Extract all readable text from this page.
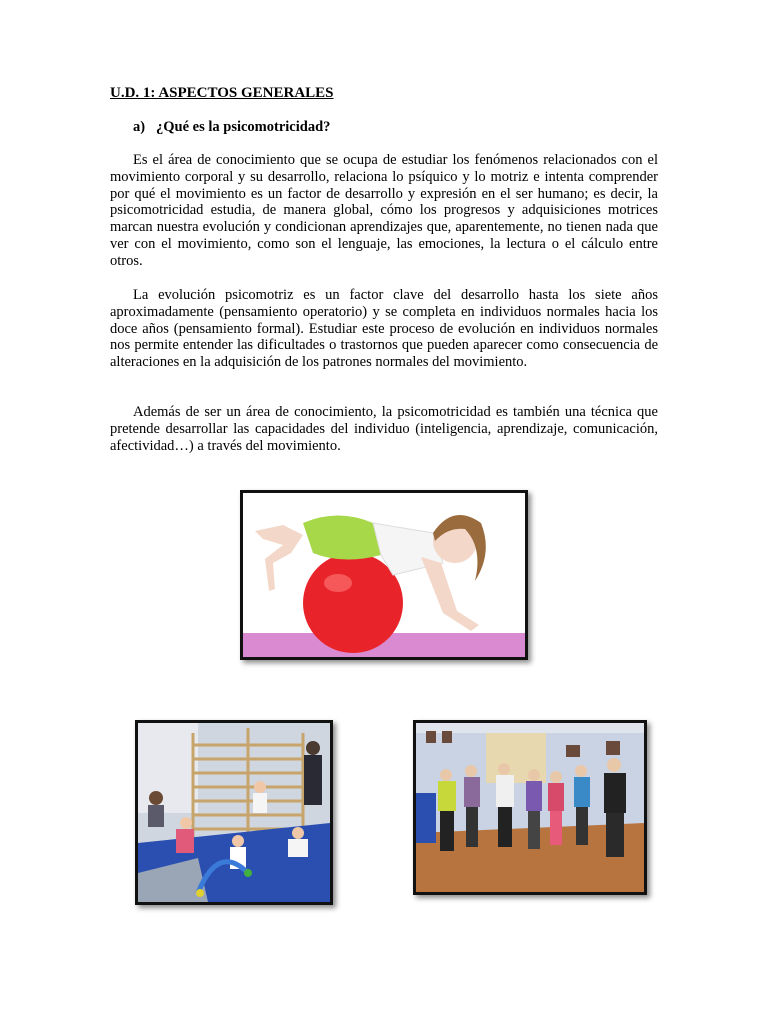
U.D. 1: ASPECTOS GENERALES
a) ¿Qué es la psicomotricidad?

Es el área de conocimiento que se ocupa de estudiar los fenómenos relacionados con el movimiento corporal y su desarrollo, relaciona lo psíquico y lo motriz e intenta comprender por qué el movimiento es un factor de desarrollo y expresión en el ser humano; es decir, la psicomotricidad estudia, de manera global, cómo los progresos y adquisiciones motrices marcan nuestra evolución y condicionan aprendizajes que, aparentemente, no tienen nada que ver con el movimiento, como son el lenguaje, las emociones, la lectura o el cálculo entre otros.

La evolución psicomotriz es un factor clave del desarrollo hasta los siete años aproximadamente (pensamiento operatorio) y se completa en individuos normales hacia los doce años (pensamiento formal). Estudiar este proceso de evolución en individuos normales nos permite entender las dificultades o trastornos que pueden aparecer como consecuencia de alteraciones en la adquisición de los patrones normales del movimiento.

Además de ser un área de conocimiento, la psicomotricidad es también una técnica que pretende desarrollar las capacidades del individuo (inteligencia, aprendizaje, comunicación, afectividad…) a través del movimiento.
